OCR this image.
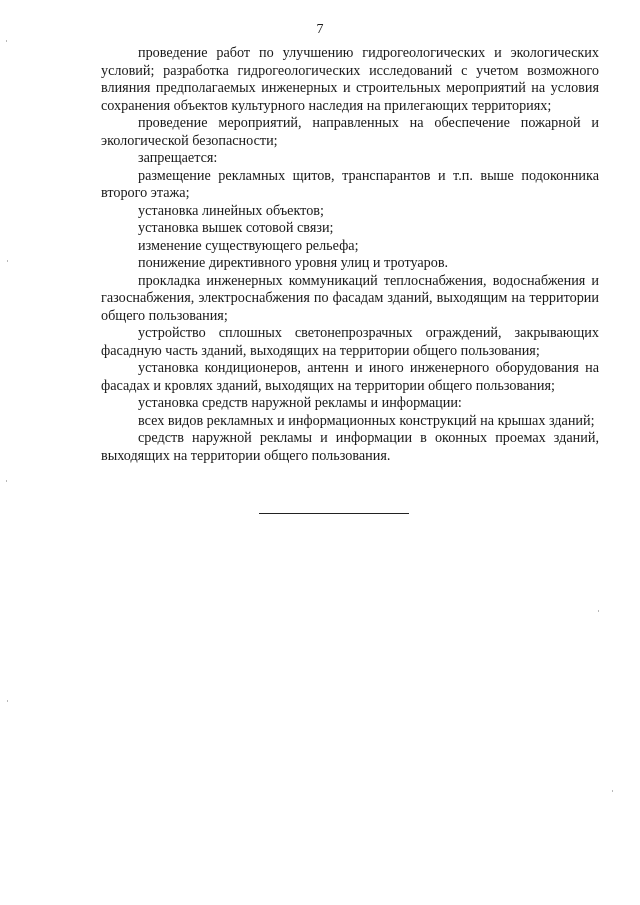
7

проведение работ по улучшению гидрогеологических и экологических условий; разработка гидрогеологических исследований с учетом возможного влияния предполагаемых инженерных и строительных мероприятий на условия сохранения объектов культурного наследия на прилегающих территориях;

проведение мероприятий, направленных на обеспечение пожарной и экологической безопасности;

запрещается:

размещение рекламных щитов, транспарантов и т.п. выше подоконника второго этажа;

установка линейных объектов;

установка вышек сотовой связи;

изменение существующего рельефа;

понижение директивного уровня улиц и тротуаров.

прокладка инженерных коммуникаций теплоснабжения, водоснабжения и газоснабжения, электроснабжения по фасадам зданий, выходящим на территории общего пользования;

устройство сплошных светонепрозрачных ограждений, закрывающих фасадную часть зданий, выходящих на территории общего пользования;

установка кондиционеров, антенн и иного инженерного оборудования на фасадах и кровлях зданий, выходящих на территории общего пользования;

установка средств наружной рекламы и информации:

всех видов рекламных и информационных конструкций на крышах зданий;

средств наружной рекламы и информации в оконных проемах зданий, выходящих на территории общего пользования.
